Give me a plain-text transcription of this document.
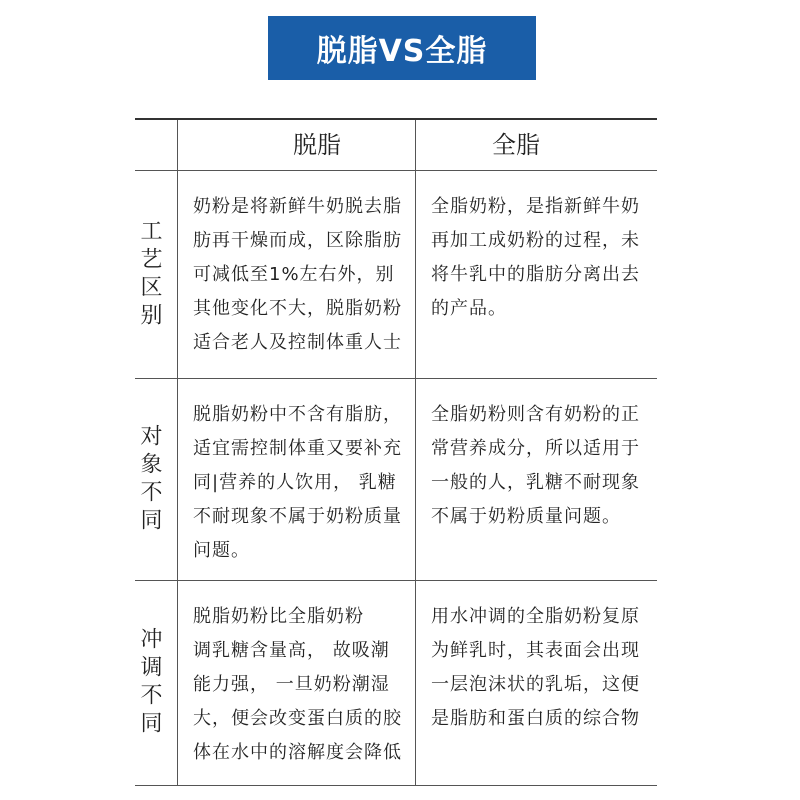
脱脂VS全脂
脱脂	全脂
工艺区别
奶粉是将新鲜牛奶脱去脂
肪再干燥而成，区除脂肪
可减低至1%左右外，别
其他变化不大，脱脂奶粉
适合老人及控制体重人士
全脂奶粉，是指新鲜牛奶
再加工成奶粉的过程，未
将牛乳中的脂肪分离出去
的产品。
对象不同
脱脂奶粉中不含有脂肪，
适宜需控制体重又要补充
同|营养的人饮用， 乳糖
不耐现象不属于奶粉质量
问题。
全脂奶粉则含有奶粉的正
常营养成分，所以适用于
一般的人，乳糖不耐现象
不属于奶粉质量问题。
冲调不同
脱脂奶粉比全脂奶粉
调乳糖含量高， 故吸潮
能力强， 一旦奶粉潮湿
大，便会改变蛋白质的胶
体在水中的溶解度会降低
用水冲调的全脂奶粉复原
为鲜乳时，其表面会出现
一层泡沫状的乳垢，这便
是脂肪和蛋白质的综合物
